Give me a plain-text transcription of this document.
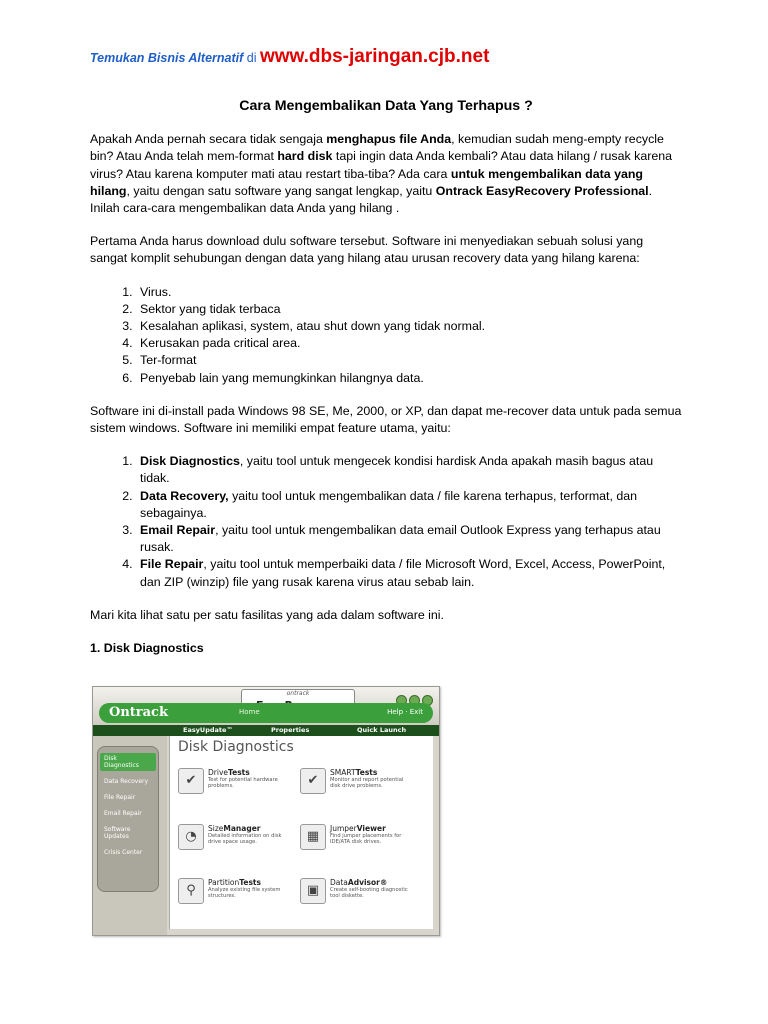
Temukan Bisnis Alternatif di www.dbs-jaringan.cjb.net
Cara Mengembalikan Data Yang Terhapus ?

Apakah Anda pernah secara tidak sengaja menghapus file Anda, kemudian sudah meng-empty recycle bin? Atau Anda telah mem-format hard disk tapi ingin data Anda kembali? Atau data hilang / rusak karena virus? Atau karena komputer mati atau restart tiba-tiba? Ada cara untuk mengembalikan data yang hilang, yaitu dengan satu software yang sangat lengkap, yaitu Ontrack EasyRecovery Professional. Inilah cara-cara mengembalikan data Anda yang hilang .

Pertama Anda harus download dulu software tersebut. Software ini menyediakan sebuah solusi yang sangat komplit sehubungan dengan data yang hilang atau urusan recovery data yang hilang karena:

1. Virus.
2. Sektor yang tidak terbaca
3. Kesalahan aplikasi, system, atau shut down yang tidak normal.
4. Kerusakan pada critical area.
5. Ter-format
6. Penyebab lain yang memungkinkan hilangnya data.

Software ini di-install pada Windows 98 SE, Me, 2000, or XP, dan dapat me-recover data untuk pada semua sistem windows. Software ini memiliki empat feature utama, yaitu:

1. Disk Diagnostics, yaitu tool untuk mengecek kondisi hardisk Anda apakah masih bagus atau tidak.
2. Data Recovery, yaitu tool untuk mengembalikan data / file karena terhapus, terformat, dan sebagainya.
3. Email Repair, yaitu tool untuk mengembalikan data email Outlook Express yang terhapus atau rusak.
4. File Repair, yaitu tool untuk memperbaiki data / file Microsoft Word, Excel, Access, PowerPoint, dan ZIP (winzip) file yang rusak karena virus atau sebab lain.

Mari kita lihat satu per satu fasilitas yang ada dalam software ini.

1. Disk Diagnostics
ontrack
Ontrack	Home	Help · Exit
EasyUpdate™	Properties	Quick Launch
Disk Diagnostics
Data Recovery
File Repair
Email Repair
Software Updates
Crisis Center
Disk Diagnostics
✔
DriveTests
Test for potential hardware problems.	✔
SMARTTests
Monitor and report potential disk drive problems.
◔
SizeManager
Detailed information on disk drive space usage.	▦
JumperViewer
Find jumper placements for IDE/ATA disk drives.
⚲
PartitionTests
Analyze existing file system structures.	▣
DataAdvisor®
Create self-booting diagnostic tool diskette.
